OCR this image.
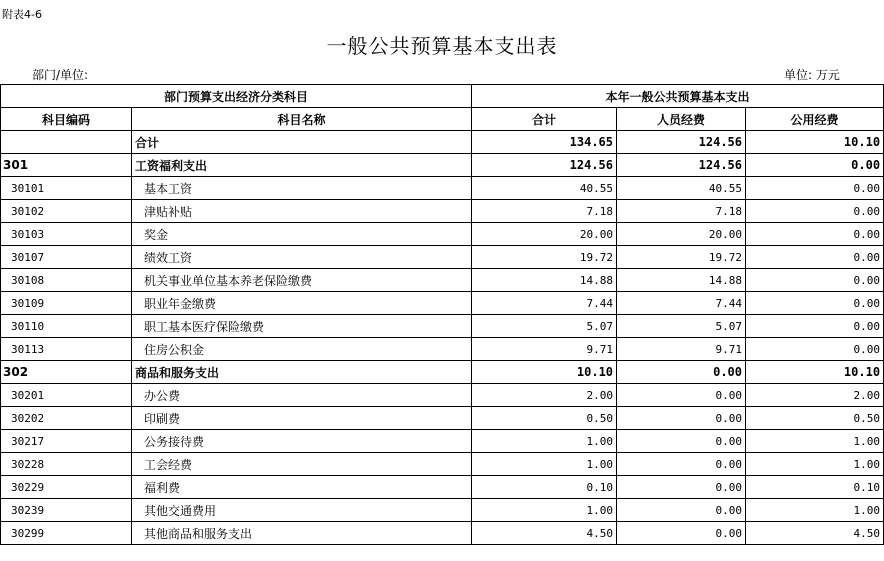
附表4-6
一般公共预算基本支出表
部门/单位:	单位: 万元
部门预算支出经济分类科目		本年一般公共预算基本支出		
科目编码	科目名称	合计	人员经费	公用经费
	合计	134.65	124.56	10.10
301	工资福利支出	124.56	124.56	0.00
30101	基本工资	40.55	40.55	0.00
30102	津贴补贴	7.18	7.18	0.00
30103	奖金	20.00	20.00	0.00
30107	绩效工资	19.72	19.72	0.00
30108	机关事业单位基本养老保险缴费	14.88	14.88	0.00
30109	职业年金缴费	7.44	7.44	0.00
30110	职工基本医疗保险缴费	5.07	5.07	0.00
30113	住房公积金	9.71	9.71	0.00
302	商品和服务支出	10.10	0.00	10.10
30201	办公费	2.00	0.00	2.00
30202	印刷费	0.50	0.00	0.50
30217	公务接待费	1.00	0.00	1.00
30228	工会经费	1.00	0.00	1.00
30229	福利费	0.10	0.00	0.10
30239	其他交通费用	1.00	0.00	1.00
30299	其他商品和服务支出	4.50	0.00	4.50
